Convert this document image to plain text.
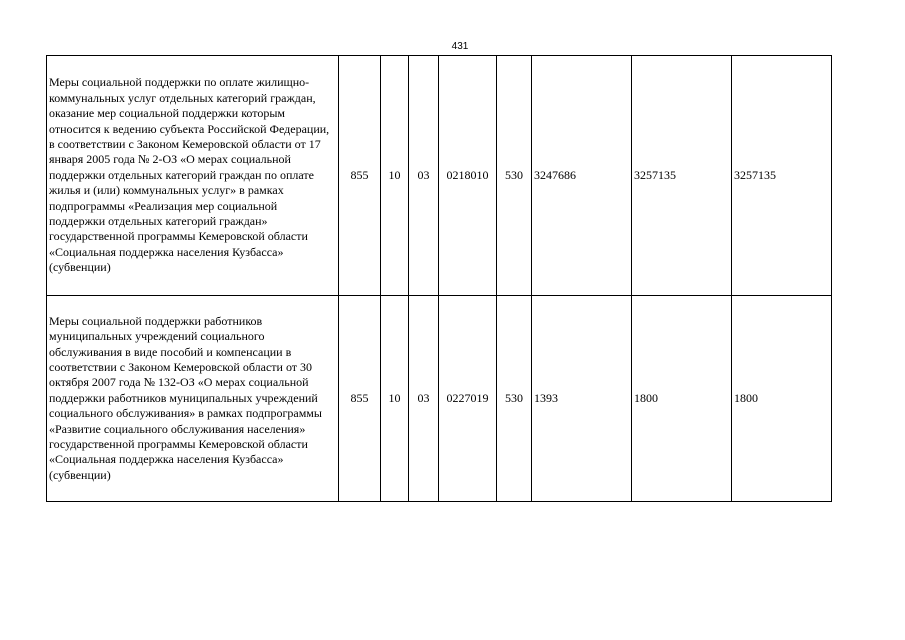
431
Меры социальной поддержки по оплате жилищно-коммунальных услуг отдельных категорий граждан, оказание мер социальной поддержки которым относится к ведению субъекта Российской Федерации, в соответствии с Законом Кемеровской области от 17 января 2005 года № 2-ОЗ «О мерах социальной поддержки отдельных категорий граждан по оплате жилья и (или) коммунальных услуг» в рамках подпрограммы «Реализация мер социальной поддержки отдельных категорий граждан» государственной программы Кемеровской области «Социальная поддержка населения Кузбасса» (субвенции)	855	10	03	0218010	530	3247686	3257135	3257135
Меры социальной поддержки работников муниципальных учреждений социального обслуживания в виде пособий и компенсации в соответствии с Законом Кемеровской области от 30 октября 2007 года № 132-ОЗ «О мерах социальной поддержки работников муниципальных учреждений социального обслуживания» в рамках подпрограммы «Развитие социального обслуживания населения» государственной программы Кемеровской области «Социальная поддержка населения Кузбасса» (субвенции)	855	10	03	0227019	530	1393	1800	1800
